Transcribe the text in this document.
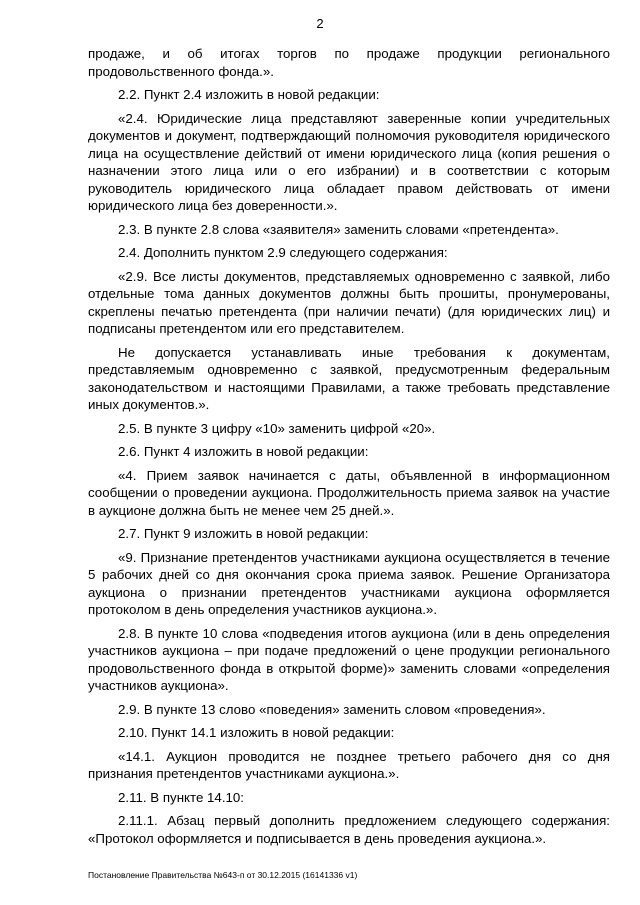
2

продаже, и об итогах торгов по продаже продукции регионального продовольственного фонда.».

2.2. Пункт 2.4 изложить в новой редакции:

«2.4. Юридические лица представляют заверенные копии учредительных документов и документ, подтверждающий полномочия руководителя юридического лица на осуществление действий от имени юридического лица (копия решения о назначении этого лица или о его избрании) и в соответствии с которым руководитель юридического лица обладает правом действовать от имени юридического лица без доверенности.».

2.3. В пункте 2.8 слова «заявителя» заменить словами «претендента».

2.4. Дополнить пунктом 2.9 следующего содержания:

«2.9. Все листы документов, представляемых одновременно с заявкой, либо отдельные тома данных документов должны быть прошиты, пронумерованы, скреплены печатью претендента (при наличии печати) (для юридических лиц) и подписаны претендентом или его представителем.

Не допускается устанавливать иные требования к документам, представляемым одновременно с заявкой, предусмотренным федеральным законодательством и настоящими Правилами, а также требовать представление иных документов.».

2.5. В пункте 3 цифру «10» заменить цифрой «20».

2.6. Пункт 4 изложить в новой редакции:

«4. Прием заявок начинается с даты, объявленной в информационном сообщении о проведении аукциона. Продолжительность приема заявок на участие в аукционе должна быть не менее чем 25 дней.».

2.7. Пункт 9 изложить в новой редакции:

«9. Признание претендентов участниками аукциона осуществляется в течение 5 рабочих дней со дня окончания срока приема заявок. Решение Организатора аукциона о признании претендентов участниками аукциона оформляется протоколом в день определения участников аукциона.».

2.8. В пункте 10 слова «подведения итогов аукциона (или в день определения участников аукциона – при подаче предложений о цене продукции регионального продовольственного фонда в открытой форме)» заменить словами «определения участников аукциона».

2.9. В пункте 13 слово «поведения» заменить словом «проведения».

2.10. Пункт 14.1 изложить в новой редакции:

«14.1. Аукцион проводится не позднее третьего рабочего дня со дня признания претендентов участниками аукциона.».

2.11. В пункте 14.10:

2.11.1. Абзац первый дополнить предложением следующего содержания: «Протокол оформляется и подписывается в день проведения аукциона.».

Постановление Правительства №643-п от 30.12.2015 (16141336 v1)
